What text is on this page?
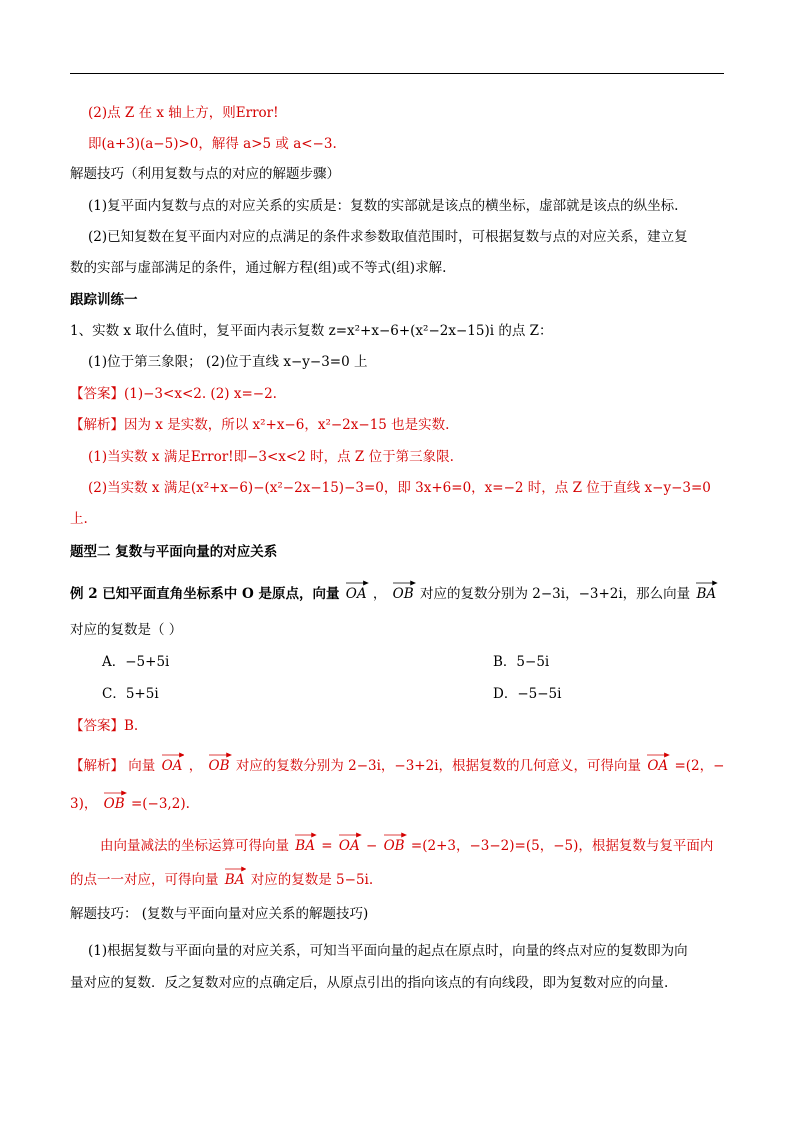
(2)点 Z 在 x 轴上方，则Error!
即(a+3)(a−5)>0，解得 a>5 或 a<−3.
解题技巧（利用复数与点的对应的解题步骤）
(1)复平面内复数与点的对应关系的实质是：复数的实部就是该点的横坐标，虚部就是该点的纵坐标.
(2)已知复数在复平面内对应的点满足的条件求参数取值范围时，可根据复数与点的对应关系，建立复
数的实部与虚部满足的条件，通过解方程(组)或不等式(组)求解.
跟踪训练一
1、实数 x 取什么值时，复平面内表示复数 z=x²+x−6+(x²−2x−15)i 的点 Z：
(1)位于第三象限； (2)位于直线 x−y−3=0 上
【答案】(1)−3<x<2. (2) x=−2.
【解析】因为 x 是实数，所以 x²+x−6，x²−2x−15 也是实数.
(1)当实数 x 满足Error!即−3<x<2 时，点 Z 位于第三象限.
(2)当实数 x 满足(x²+x−6)−(x²−2x−15)−3=0，即 3x+6=0，x=−2 时，点 Z 位于直线 x−y−3=0
上.
题型二 复数与平面向量的对应关系
例 2 已知平面直角坐标系中 O 是原点，向量 OA ， OB 对应的复数分别为 2−3i，−3+2i，那么向量 BA
对应的复数是（ ）
A．−5+5i	B．5−5i
C．5+5i	D．−5−5i
【答案】B.
【解析】 向量 OA ， OB 对应的复数分别为 2−3i，−3+2i，根据复数的几何意义，可得向量 OA =(2，−
3)， OB =(−3,2).
由向量减法的坐标运算可得向量 BA = OA − OB =(2+3，−3−2)=(5，−5)，根据复数与复平面内
的点一一对应，可得向量 BA 对应的复数是 5−5i.
解题技巧： (复数与平面向量对应关系的解题技巧)
(1)根据复数与平面向量的对应关系，可知当平面向量的起点在原点时，向量的终点对应的复数即为向
量对应的复数．反之复数对应的点确定后，从原点引出的指向该点的有向线段，即为复数对应的向量.
